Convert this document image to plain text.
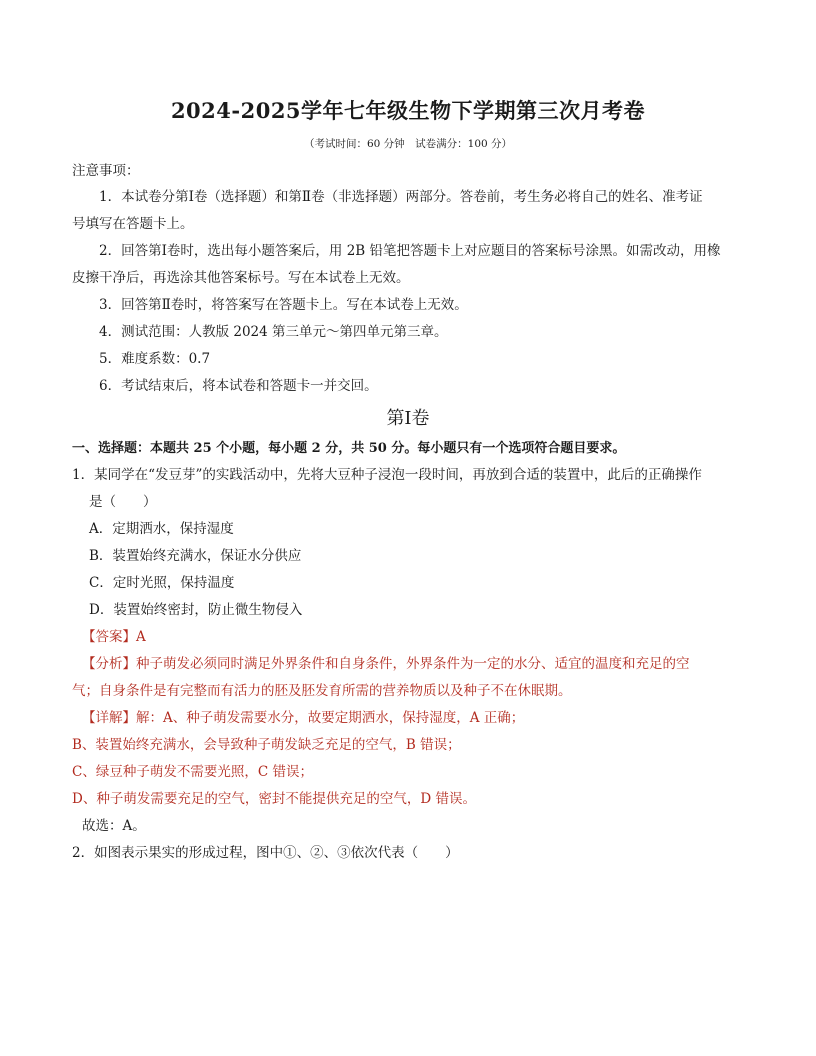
2024-2025学年七年级生物下学期第三次月考卷
（考试时间：60 分钟　试卷满分：100 分）
注意事项：

1．本试卷分第Ⅰ卷（选择题）和第Ⅱ卷（非选择题）两部分。答卷前，考生务必将自己的姓名、准考证

号填写在答题卡上。

2．回答第Ⅰ卷时，选出每小题答案后，用 2B 铅笔把答题卡上对应题目的答案标号涂黑。如需改动，用橡

皮擦干净后，再选涂其他答案标号。写在本试卷上无效。

3．回答第Ⅱ卷时，将答案写在答题卡上。写在本试卷上无效。

4．测试范围：人教版 2024 第三单元～第四单元第三章。

5．难度系数：0.7

6．考试结束后，将本试卷和答题卡一并交回。

第Ⅰ卷

一、选择题：本题共 25 个小题，每小题 2 分，共 50 分。每小题只有一个选项符合题目要求。

1．某同学在“发豆芽”的实践活动中，先将大豆种子浸泡一段时间，再放到合适的装置中，此后的正确操作
是（　　）

A．定期洒水，保持湿度

B．装置始终充满水，保证水分供应

C．定时光照，保持温度

D．装置始终密封，防止微生物侵入

【答案】A

【分析】种子萌发必须同时满足外界条件和自身条件，外界条件为一定的水分、适宜的温度和充足的空

气；自身条件是有完整而有活力的胚及胚发育所需的营养物质以及种子不在休眠期。

【详解】解：A、种子萌发需要水分，故要定期洒水，保持湿度，A 正确；

B、装置始终充满水，会导致种子萌发缺乏充足的空气，B 错误；

C、绿豆种子萌发不需要光照，C 错误；

D、种子萌发需要充足的空气，密封不能提供充足的空气，D 错误。

故选：A。

2．如图表示果实的形成过程，图中①、②、③依次代表（　　）
